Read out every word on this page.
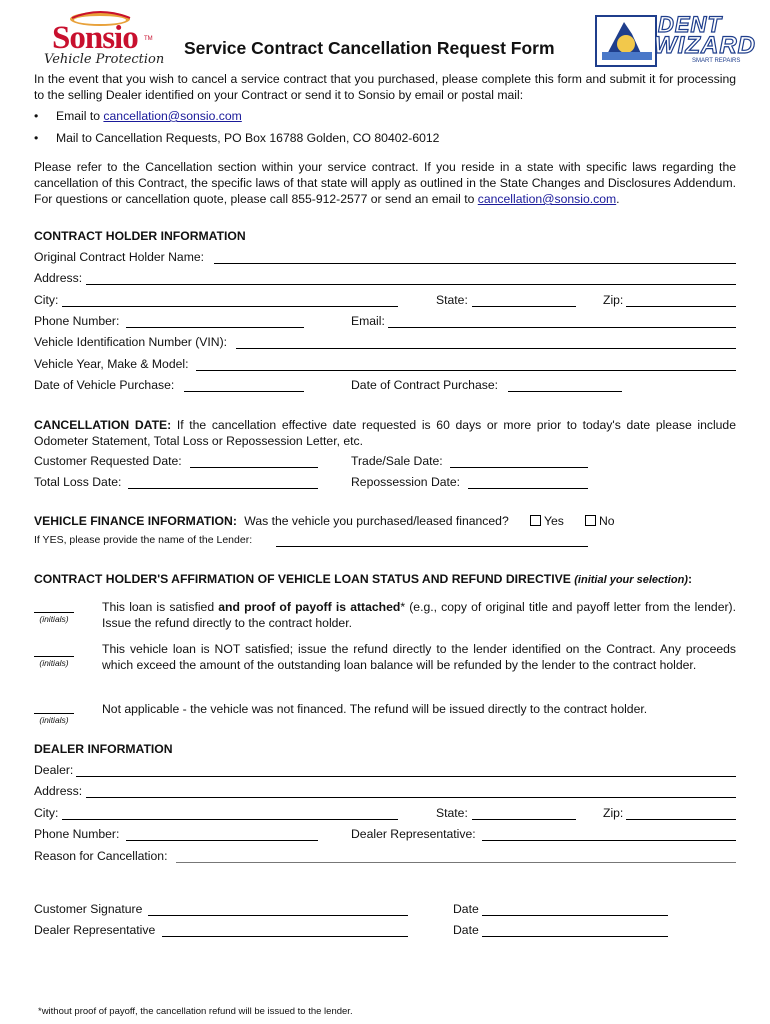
Sonsio TM
Vehicle Protection
Service Contract Cancellation Request Form
DENT
WIZARD
SMART REPAIRS
In the event that you wish to cancel a service contract that you purchased, please complete this form and submit it for processing to the selling Dealer identified on your Contract or send it to Sonsio by email or postal mail:
• Email to cancellation@sonsio.com
• Mail to Cancellation Requests, PO Box 16788 Golden, CO 80402-6012
Please refer to the Cancellation section within your service contract. If you reside in a state with specific laws regarding the cancellation of this Contract, the specific laws of that state will apply as outlined in the State Changes and Disclosures Addendum. For questions or cancellation quote, please call 855-912-2577 or send an email to cancellation@sonsio.com.
CONTRACT HOLDER INFORMATION
Original Contract Holder Name:
Address:
City:	State:	Zip:
Phone Number:	Email:
Vehicle Identification Number (VIN):
Vehicle Year, Make & Model:
Date of Vehicle Purchase:	Date of Contract Purchase:
CANCELLATION DATE: If the cancellation effective date requested is 60 days or more prior to today's date please include Odometer Statement, Total Loss or Repossession Letter, etc.
Customer Requested Date:	Trade/Sale Date:
Total Loss Date:	Repossession Date:
VEHICLE FINANCE INFORMATION: Was the vehicle you purchased/leased financed?	Yes	No
If YES, please provide the name of the Lender:
CONTRACT HOLDER'S AFFIRMATION OF VEHICLE LOAN STATUS AND REFUND DIRECTIVE (initial your selection):
(initials)
This loan is satisfied and proof of payoff is attached* (e.g., copy of original title and payoff letter from the lender). Issue the refund directly to the contract holder.
(initials)
This vehicle loan is NOT satisfied; issue the refund directly to the lender identified on the Contract. Any proceeds which exceed the amount of the outstanding loan balance will be refunded by the lender to the contract holder.
(initials)
Not applicable - the vehicle was not financed. The refund will be issued directly to the contract holder.
DEALER INFORMATION
Dealer:
Address:
City:	State:	Zip:
Phone Number:	Dealer Representative:
Reason for Cancellation:
Customer Signature	Date
Dealer Representative	Date
*without proof of payoff, the cancellation refund will be issued to the lender.
